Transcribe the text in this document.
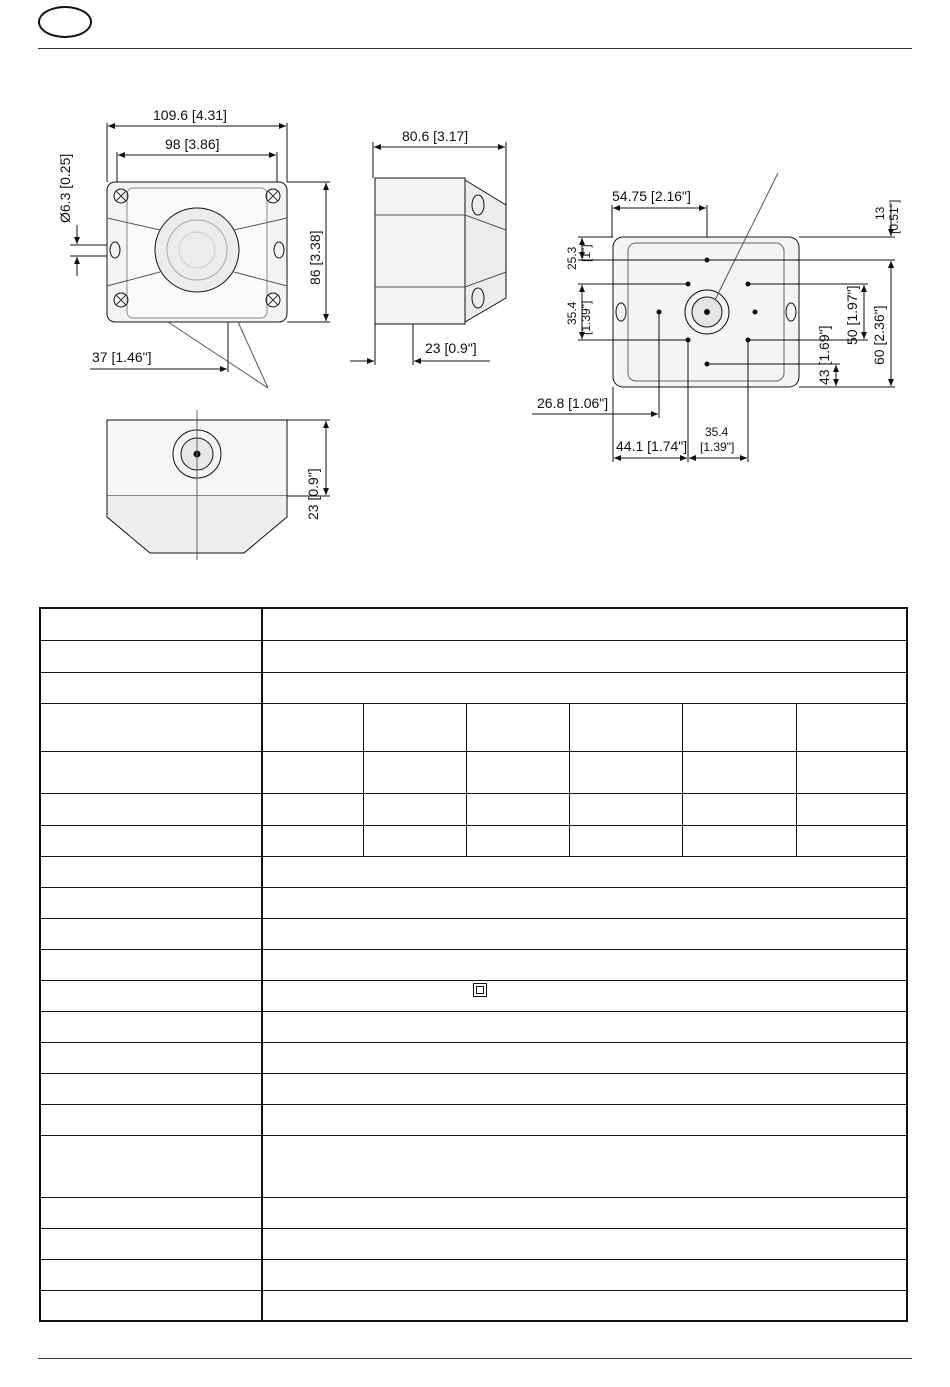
109.6 [4.31]
98 [3.86]
Ø6.3 [0.25]
86 [3.38]
37 [1.46"]
80.6 [3.17]
23 [0.9"]
23 [0.9"]
54.75 [2.16"]
13 [0.51"]
25.3 [1"]
35.4 [1.39"]	50 [1.97"] 60 [2.36"]
43 [1.69"]
26.8 [1.06"]
44.1 [1.74"]
35.4
[1.39"]
